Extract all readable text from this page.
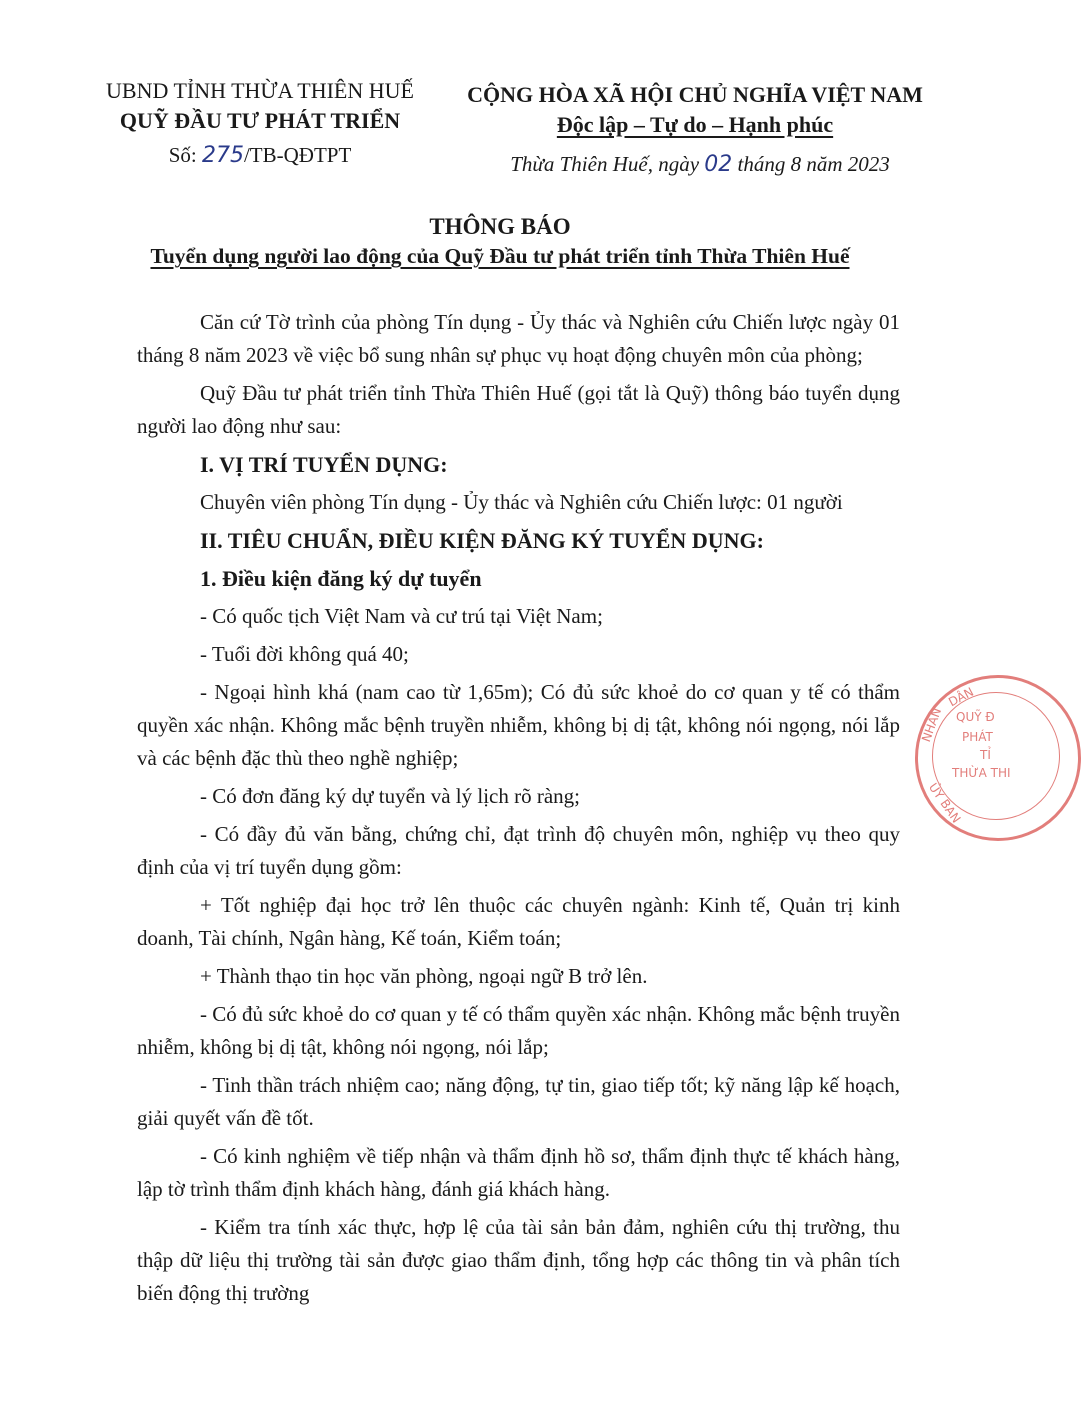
UBND TỈNH THỪA THIÊN HUẾ
QUỸ ĐẦU TƯ PHÁT TRIỂN
Số: 275/TB-QĐTPT
CỘNG HÒA XÃ HỘI CHỦ NGHĨA VIỆT NAM
Độc lập – Tự do – Hạnh phúc
Thừa Thiên Huế, ngày 02 tháng 8 năm 2023
THÔNG BÁO
Tuyển dụng người lao động của Quỹ Đầu tư phát triển tỉnh Thừa Thiên Huế

Căn cứ Tờ trình của phòng Tín dụng - Ủy thác và Nghiên cứu Chiến lược ngày 01 tháng 8 năm 2023 về việc bổ sung nhân sự phục vụ hoạt động chuyên môn của phòng;

Quỹ Đầu tư phát triển tỉnh Thừa Thiên Huế (gọi tắt là Quỹ) thông báo tuyển dụng người lao động như sau:

I. VỊ TRÍ TUYỂN DỤNG:

Chuyên viên phòng Tín dụng - Ủy thác và Nghiên cứu Chiến lược: 01 người

II. TIÊU CHUẨN, ĐIỀU KIỆN ĐĂNG KÝ TUYỂN DỤNG:
1. Điều kiện đăng ký dự tuyển

- Có quốc tịch Việt Nam và cư trú tại Việt Nam;

- Tuổi đời không quá 40;

- Ngoại hình khá (nam cao từ 1,65m); Có đủ sức khoẻ do cơ quan y tế có thẩm quyền xác nhận. Không mắc bệnh truyền nhiễm, không bị dị tật, không nói ngọng, nói lắp và các bệnh đặc thù theo nghề nghiệp;

- Có đơn đăng ký dự tuyển và lý lịch rõ ràng;

- Có đầy đủ văn bằng, chứng chỉ, đạt trình độ chuyên môn, nghiệp vụ theo quy định của vị trí tuyển dụng gồm:

+ Tốt nghiệp đại học trở lên thuộc các chuyên ngành: Kinh tế, Quản trị kinh doanh, Tài chính, Ngân hàng, Kế toán, Kiểm toán;

+ Thành thạo tin học văn phòng, ngoại ngữ B trở lên.

- Có đủ sức khoẻ do cơ quan y tế có thẩm quyền xác nhận. Không mắc bệnh truyền nhiễm, không bị dị tật, không nói ngọng, nói lắp;

- Tinh thần trách nhiệm cao; năng động, tự tin, giao tiếp tốt; kỹ năng lập kế hoạch, giải quyết vấn đề tốt.

- Có kinh nghiệm về tiếp nhận và thẩm định hồ sơ, thẩm định thực tế khách hàng, lập tờ trình thẩm định khách hàng, đánh giá khách hàng.

- Kiểm tra tính xác thực, hợp lệ của tài sản bản đảm, nghiên cứu thị trường, thu thập dữ liệu thị trường tài sản được giao thẩm định, tổng hợp các thông tin và phân tích biến động thị trường

DÂN
NHÂN QUỸ Đ
PHÁT
TỈ
THỪA THI
ỦY BAN
